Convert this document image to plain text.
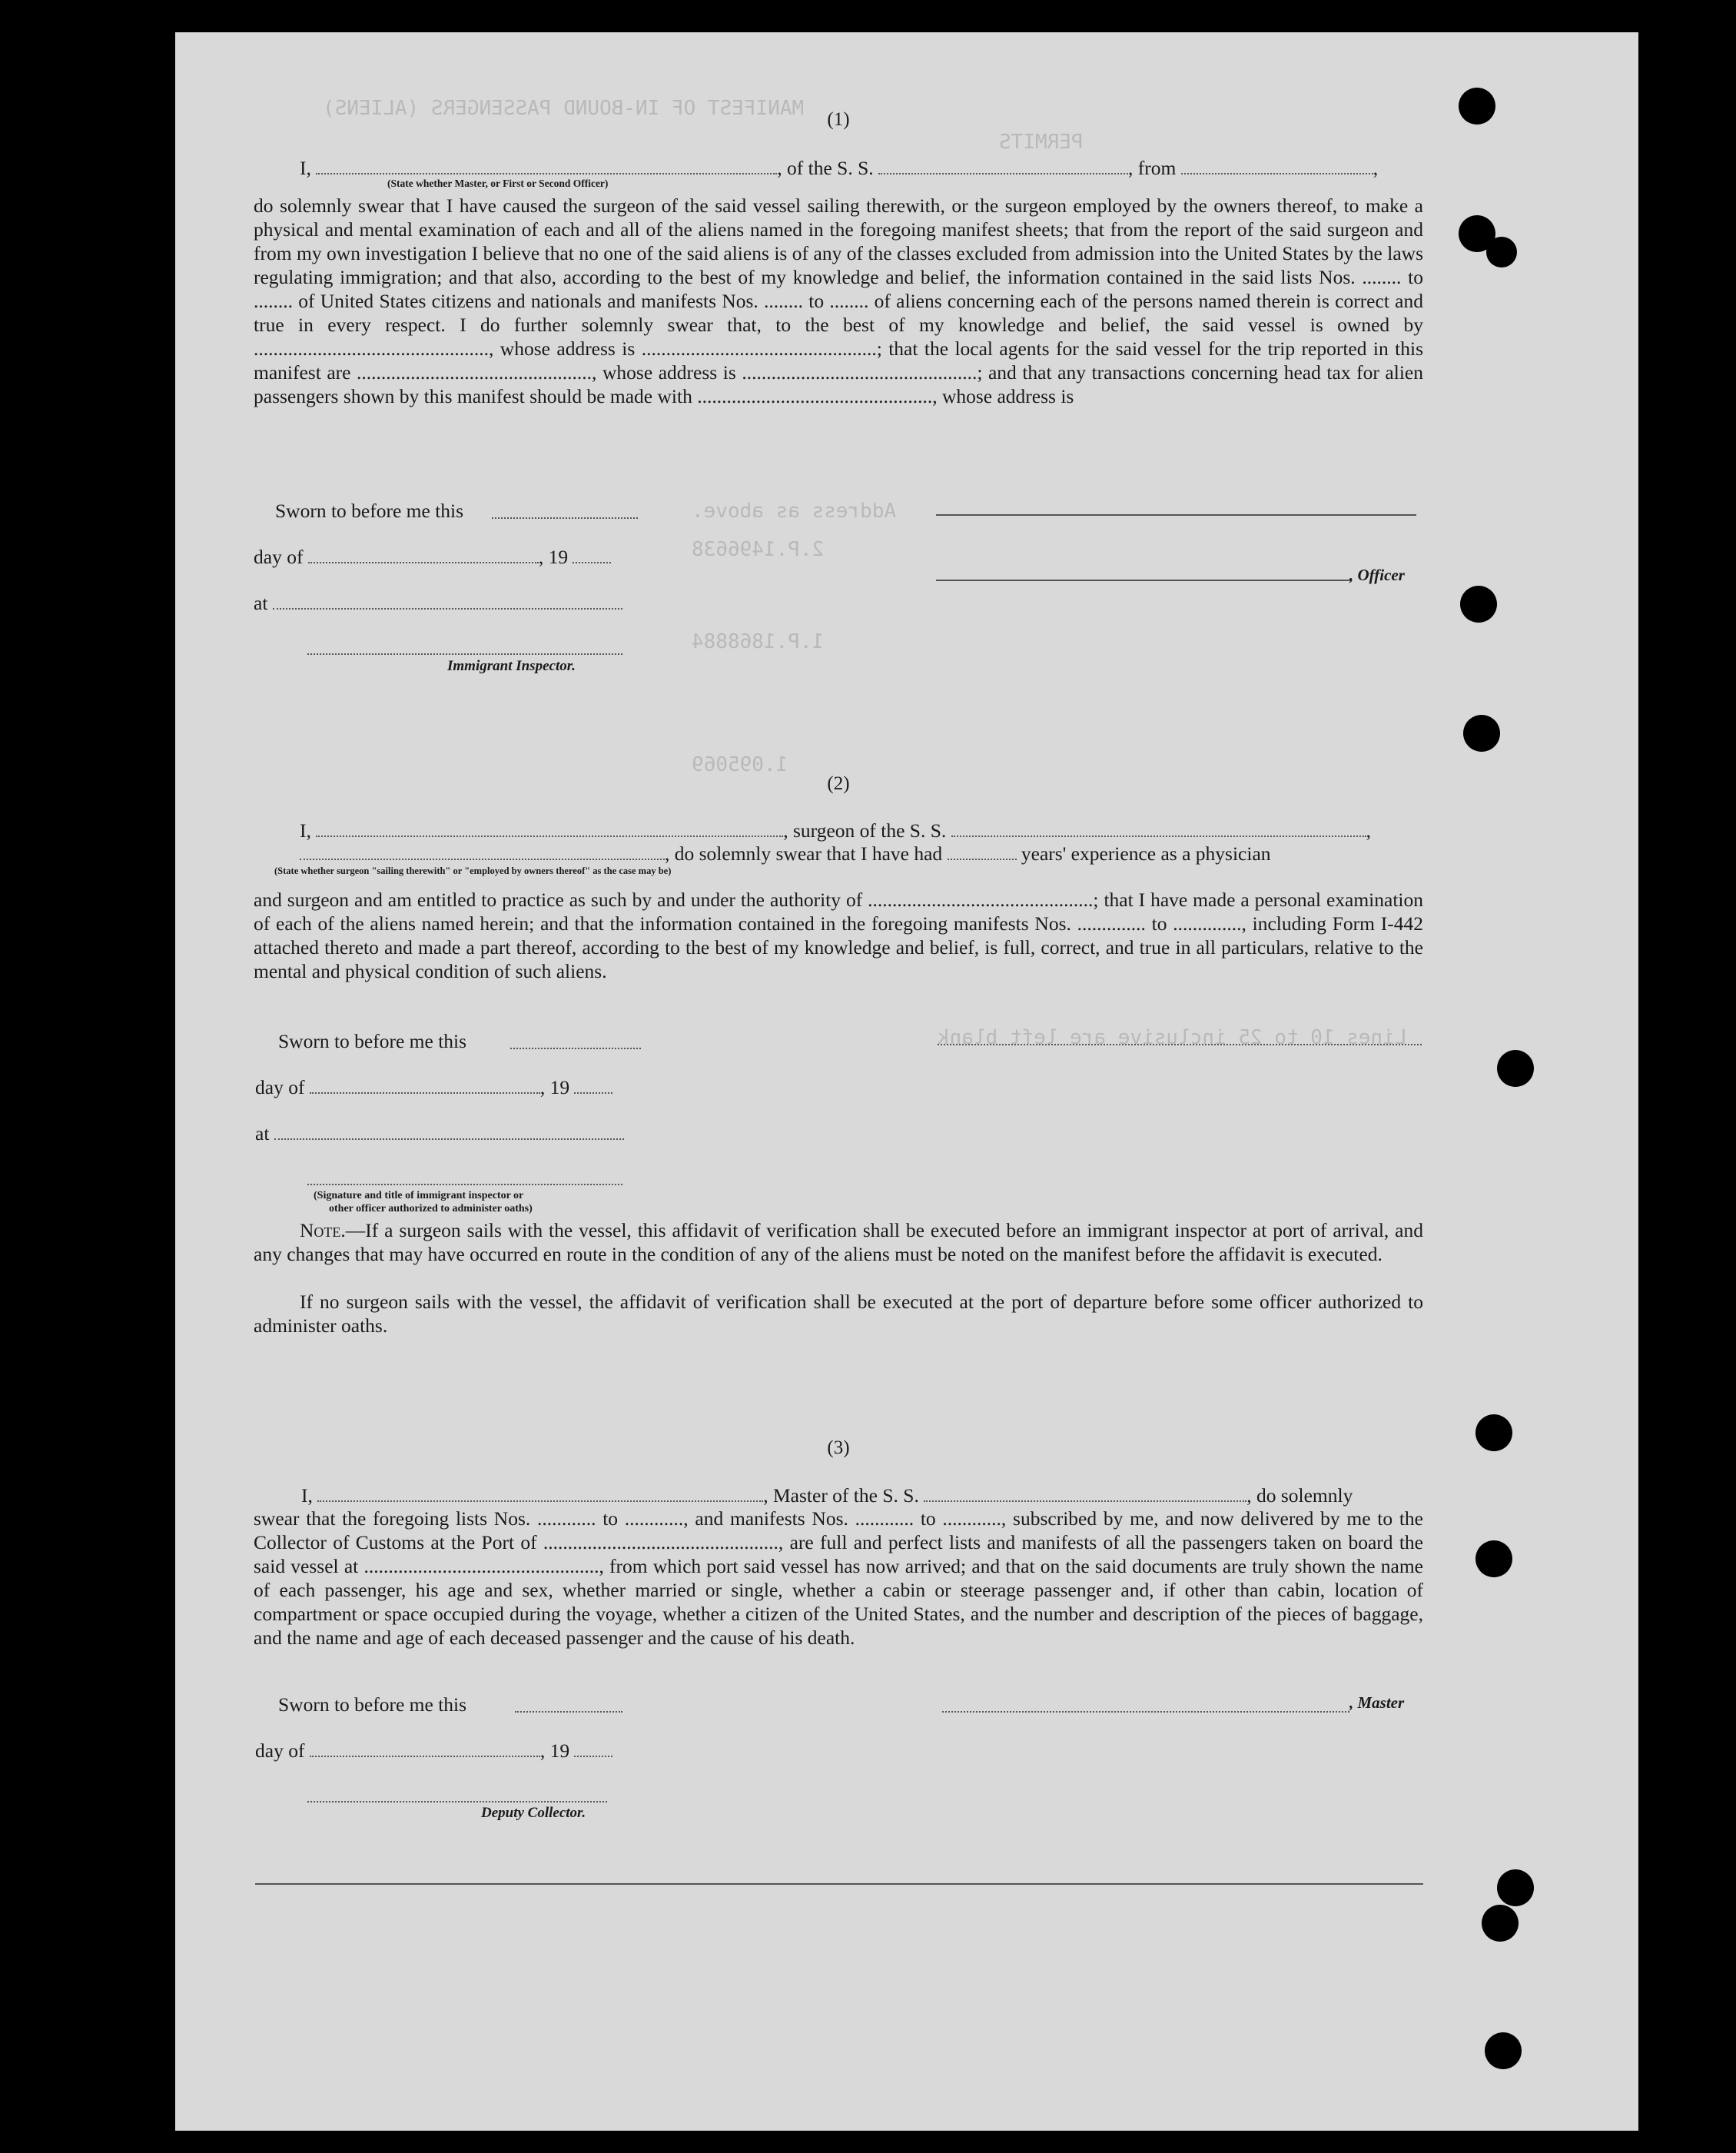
MANIFEST OF IN-BOUND PASSENGERS (ALIENS)
PERMITS
Address as above.
2.P.1496638
1.P.1868884
1.095069
Lines 10 to 25 inclusive are left blank
(1)
I,	, of the S. S.	, from	,
(State whether Master, or First or Second Officer)
do solemnly swear that I have caused the surgeon of the said vessel sailing therewith, or the surgeon employed by the owners thereof, to make a physical and mental examination of each and all of the aliens named in the foregoing manifest sheets; that from the report of the said surgeon and from my own investigation I believe that no one of the said aliens is of any of the classes excluded from admission into the United States by the laws regulating immigration; and that also, according to the best of my knowledge and belief, the information contained in the said lists Nos. ........ to ........ of United States citizens and nationals and manifests Nos. ........ to ........ of aliens concerning each of the persons named therein is correct and true in every respect. I do further solemnly swear that, to the best of my knowledge and belief, the said vessel is owned by ................................................, whose address is ................................................; that the local agents for the said vessel for the trip reported in this manifest are ................................................, whose address is ................................................; and that any transactions concerning head tax for alien passengers shown by this manifest should be made with ................................................, whose address is
Sworn to before me this
day of	, 19
, Officer
at
Immigrant Inspector.
(2)
I,	, surgeon of the S. S.	,
, do solemnly swear that I have had	years' experience as a physician
(State whether surgeon "sailing therewith" or "employed by owners thereof" as the case may be)
and surgeon and am entitled to practice as such by and under the authority of ..............................................; that I have made a personal examination of each of the aliens named herein; and that the information contained in the foregoing manifests Nos. .............. to .............., including Form I-442 attached thereto and made a part thereof, according to the best of my knowledge and belief, is full, correct, and true in all particulars, relative to the mental and physical condition of such aliens.
Sworn to before me this
day of	, 19
at
(Signature and title of immigrant inspector or
other officer authorized to administer oaths)
Note.—If a surgeon sails with the vessel, this affidavit of verification shall be executed before an immigrant inspector at port of arrival, and any changes that may have occurred en route in the condition of any of the aliens must be noted on the manifest before the affidavit is executed.
If no surgeon sails with the vessel, the affidavit of verification shall be executed at the port of departure before some officer authorized to administer oaths.
(3)
I,	, Master of the S. S.	, do solemnly
swear that the foregoing lists Nos. ............ to ............, and manifests Nos. ............ to ............, subscribed by me, and now delivered by me to the Collector of Customs at the Port of ................................................, are full and perfect lists and manifests of all the passengers taken on board the said vessel at ................................................, from which port said vessel has now arrived; and that on the said documents are truly shown the name of each passenger, his age and sex, whether married or single, whether a cabin or steerage passenger and, if other than cabin, location of compartment or space occupied during the voyage, whether a citizen of the United States, and the number and description of the pieces of baggage, and the name and age of each deceased passenger and the cause of his death.
Sworn to before me this	, Master
day of	, 19
Deputy Collector.
